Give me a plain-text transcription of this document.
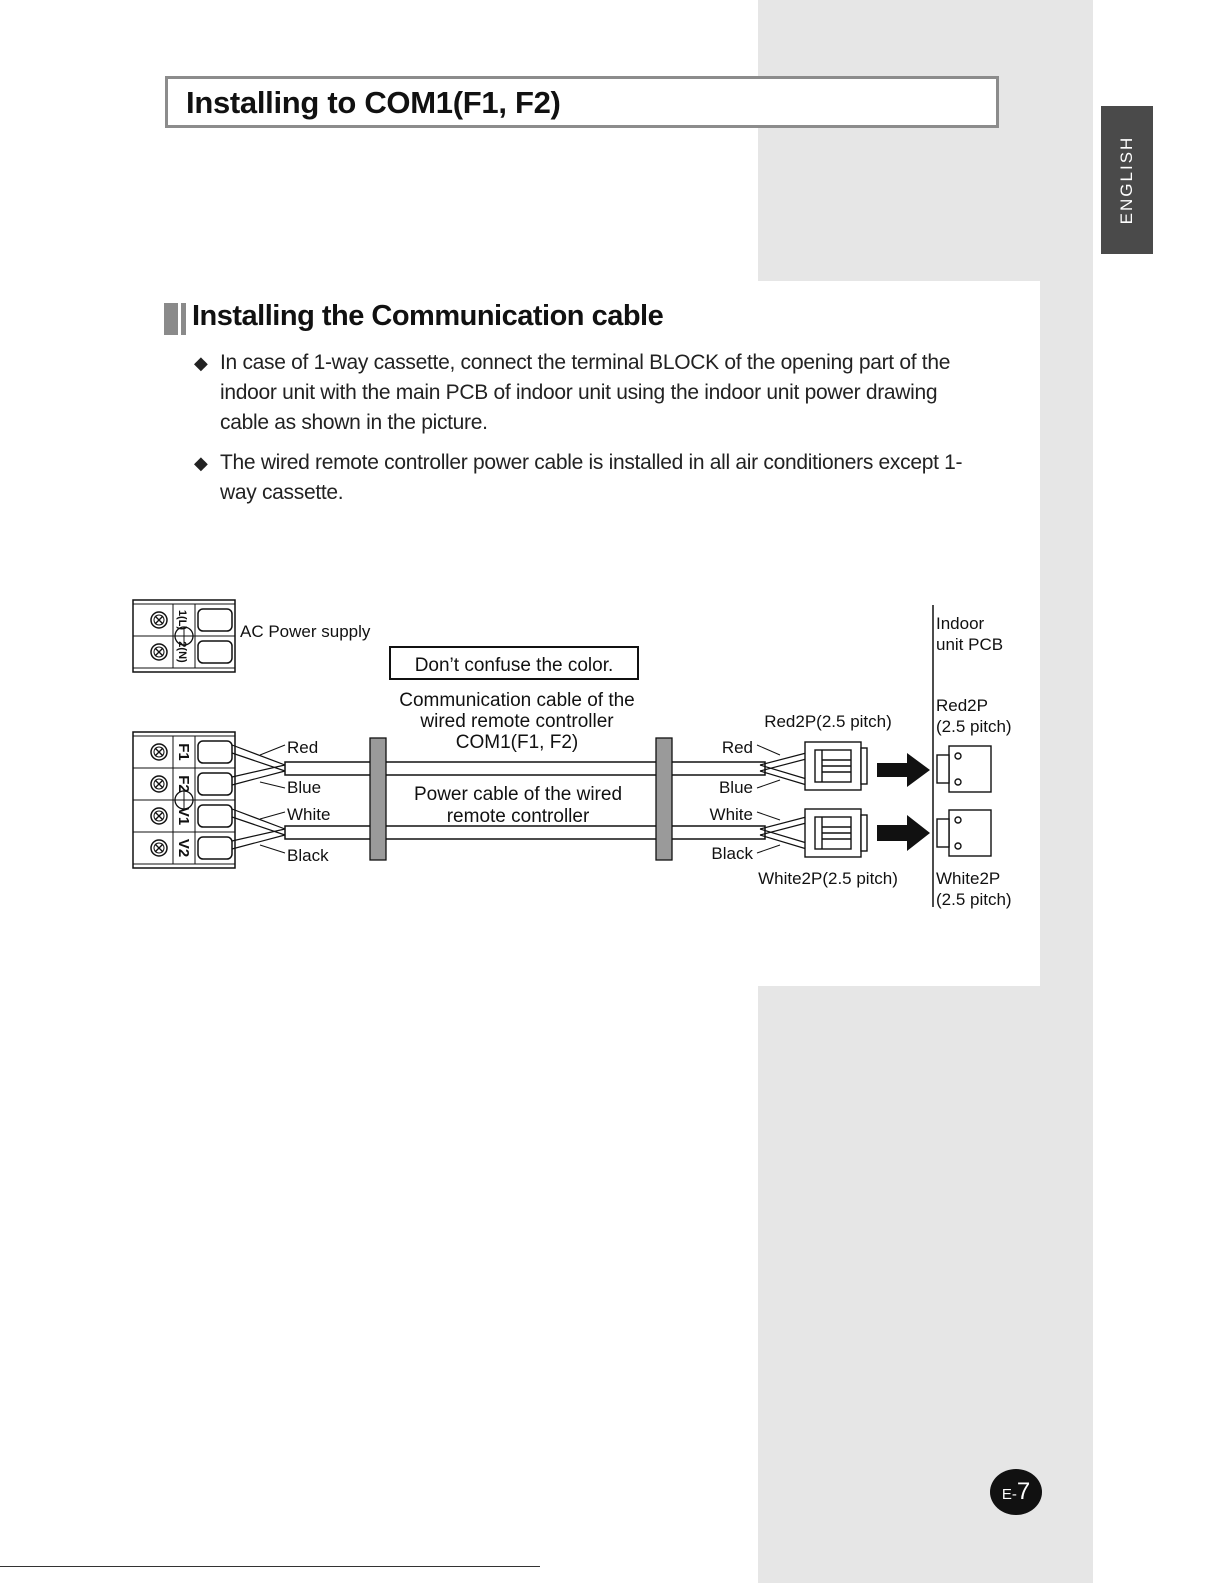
Installing to COM1(F1, F2)
ENGLISH
Installing the Communication cable
◆ In case of 1-way cassette, connect the terminal BLOCK of the opening part of the indoor unit with the main PCB of indoor unit using the indoor unit power drawing cable as shown in the picture.
◆ The wired remote controller power cable is installed in all air conditioners except 1-way cassette.
1(L)
2(N)
AC Power supply
Don’t confuse the color.
F1
F2
V1
V2
Red
Blue
White
Black
Communication cable of the
wired remote controller
COM1(F1, F2)
Power cable of the wired
remote controller
Red
Blue
White
Black
Red2P(2.5 pitch)
White2P(2.5 pitch)
Indoor
unit PCB
Red2P
(2.5 pitch)
White2P
(2.5 pitch)
E-7
